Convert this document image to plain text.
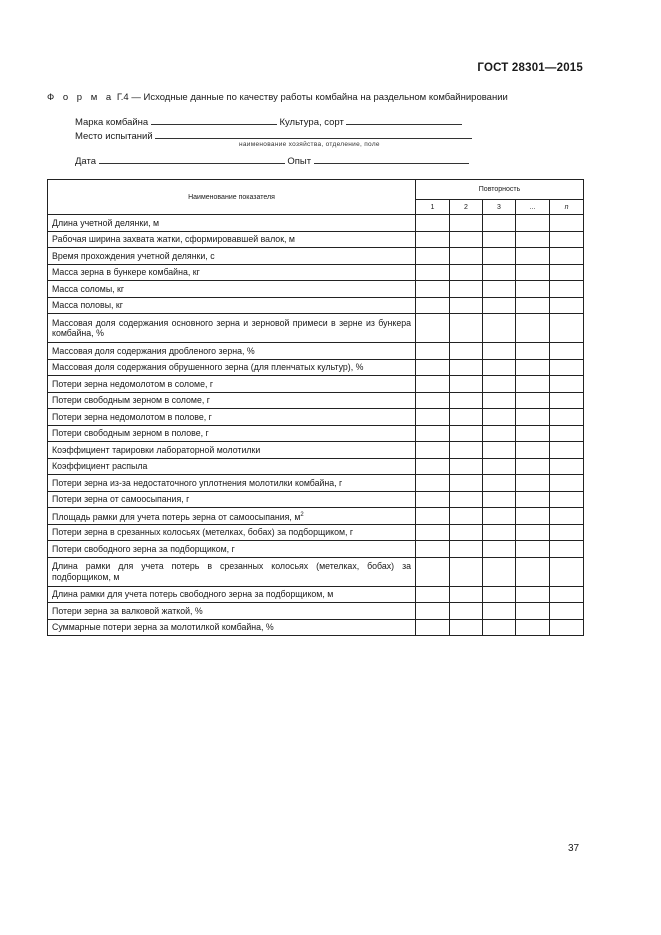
ГОСТ 28301—2015
Ф о р м а Г.4 — Исходные данные по качеству работы комбайна на раздельном комбайнировании
Марка комбайна	Культура, сорт
Место испытаний
наименование хозяйства, отделение, поле
Дата	Опыт
Наименование показателя	Повторность				
	1	2	3	...	n
Длина учетной делянки, м					
Рабочая ширина захвата жатки, сформировавшей валок, м					
Время прохождения учетной делянки, с					
Масса зерна в бункере комбайна, кг					
Масса соломы, кг					
Масса половы, кг					
Массовая доля содержания основного зерна и зерновой примеси в зерне из бункера комбайна, %					
Массовая доля содержания дробленого зерна, %					
Массовая доля содержания обрушенного зерна (для пленчатых культур), %					
Потери зерна недомолотом в соломе, г					
Потери свободным зерном в соломе, г					
Потери зерна недомолотом в полове, г					
Потери свободным зерном в полове, г					
Коэффициент тарировки лабораторной молотилки					
Коэффициент распыла					
Потери зерна из-за недостаточного уплотнения молотилки комбайна, г					
Потери зерна от самоосыпания, г					
Площадь рамки для учета потерь зерна от самоосыпания, $м^2$					
Потери зерна в срезанных колосьях (метелках, бобах) за подборщиком, г					
Потери свободного зерна за подборщиком, г					
Длина рамки для учета потерь в срезанных колосьях (метелках, бобах) за подборщиком, м					
Длина рамки для учета потерь свободного зерна за подборщиком, м					
Потери зерна за валковой жаткой, %					
Суммарные потери зерна за молотилкой комбайна, %					
37
